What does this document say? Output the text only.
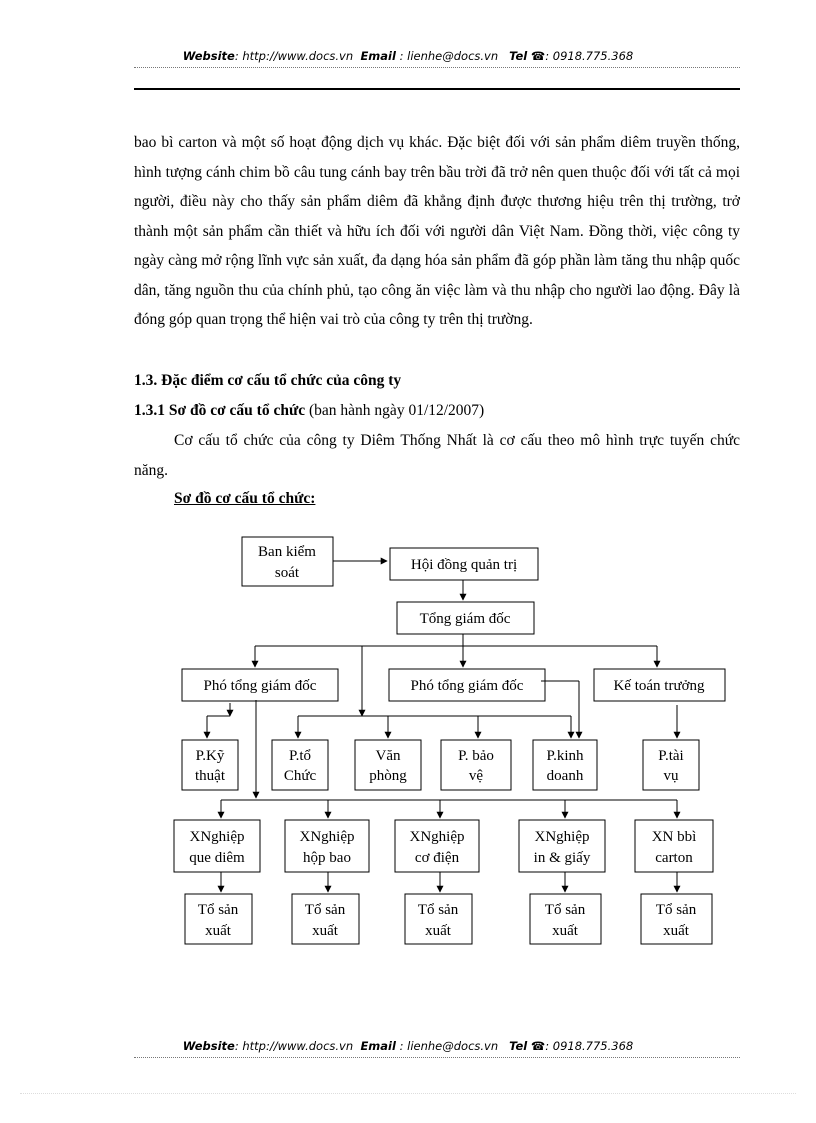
Website: http://www.docs.vn Email : lienhe@docs.vn Tel ☎: 0918.775.368
bao bì carton và một số hoạt động dịch vụ khác. Đặc biệt đối với sản phẩm diêm truyền thống, hình tượng cánh chim bồ câu tung cánh bay trên bầu trời đã trở nên quen thuộc đối với tất cả mọi người, điều này cho thấy sản phẩm diêm đã khẳng định được thương hiệu trên thị trường, trở thành một sản phẩm cần thiết và hữu ích đối với người dân Việt Nam. Đồng thời, việc công ty ngày càng mở rộng lĩnh vực sản xuất, đa dạng hóa sản phẩm đã góp phần làm tăng thu nhập quốc dân, tăng nguồn thu của chính phủ, tạo công ăn việc làm và thu nhập cho người lao động. Đây là đóng góp quan trọng thể hiện vai trò của công ty trên thị trường.
1.3. Đặc điểm cơ cấu tổ chức của công ty
1.3.1 Sơ đồ cơ cấu tổ chức (ban hành ngày 01/12/2007)
Cơ cấu tổ chức của công ty Diêm Thống Nhất là cơ cấu theo mô hình trực tuyến chức năng.
Sơ đồ cơ cấu tổ chức:
Ban kiểm
soát	Hội đồng quản trị
Tổng giám đốc
Phó tổng giám đốc	Phó tổng giám đốc	Kế toán trưởng
P.Kỹ
thuật
P.tổ
Chức
Văn
phòng
P. bảo
vệ
P.kinh
doanh
P.tài
vụ
XNghiệp
que diêm
XNghiệp
hộp bao
XNghiệp
cơ điện
XNghiệp
in & giấy
XN bbì
carton
Tổ sản
xuất
Tổ sản
xuất
Tổ sản
xuất
Tổ sản
xuất
Tổ sản
xuất
Website: http://www.docs.vn Email : lienhe@docs.vn Tel ☎: 0918.775.368
